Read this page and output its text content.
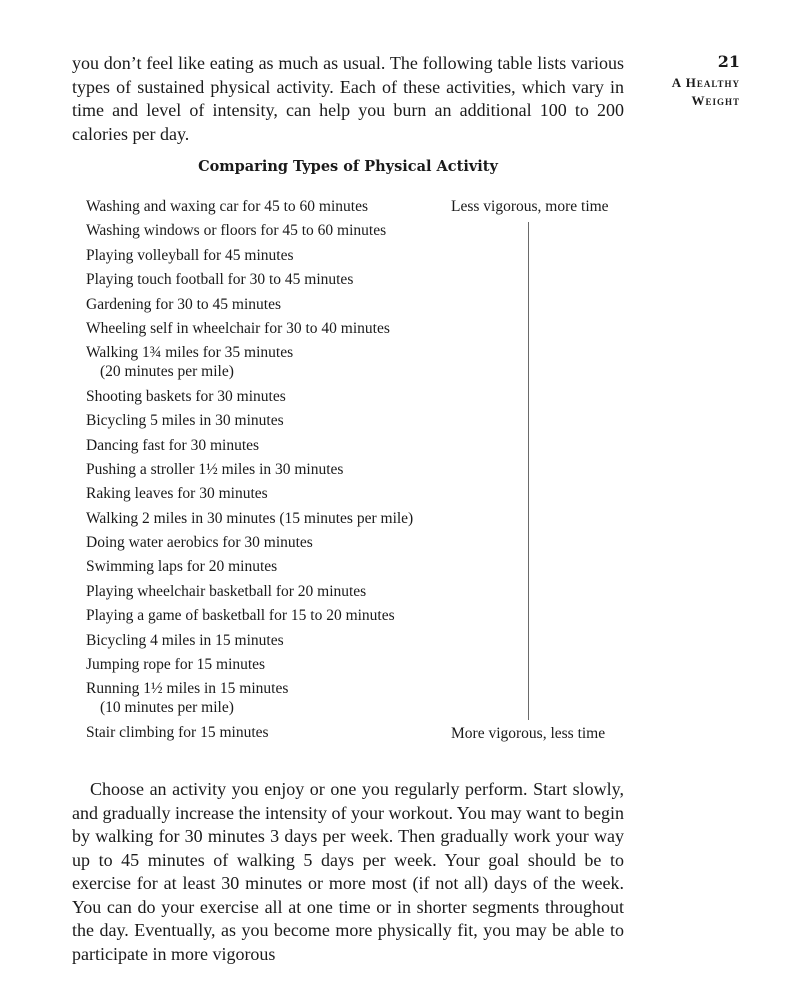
21
A Healthy
Weight

you don’t feel like eating as much as usual. The following table lists various types of sustained physical activity. Each of these activities, which vary in time and level of intensity, can help you burn an additional 100 to 200 calories per day.

Comparing Types of Physical Activity
Washing and waxing car for 45 to 60 minutes
Washing windows or floors for 45 to 60 minutes
Playing volleyball for 45 minutes
Playing touch football for 30 to 45 minutes
Gardening for 30 to 45 minutes
Wheeling self in wheelchair for 30 to 40 minutes
Walking 1¾ miles for 35 minutes
(20 minutes per mile)
Shooting baskets for 30 minutes
Bicycling 5 miles in 30 minutes
Dancing fast for 30 minutes
Pushing a stroller 1½ miles in 30 minutes
Raking leaves for 30 minutes
Walking 2 miles in 30 minutes (15 minutes per mile)
Doing water aerobics for 30 minutes
Swimming laps for 20 minutes
Playing wheelchair basketball for 20 minutes
Playing a game of basketball for 15 to 20 minutes
Bicycling 4 miles in 15 minutes
Jumping rope for 15 minutes
Running 1½ miles in 15 minutes
(10 minutes per mile)
Stair climbing for 15 minutes
Less vigorous, more time
More vigorous, less time

Choose an activity you enjoy or one you regularly perform. Start slowly, and gradually increase the intensity of your workout. You may want to begin by walking for 30 minutes 3 days per week. Then gradually work your way up to 45 minutes of walking 5 days per week. Your goal should be to exercise for at least 30 minutes or more most (if not all) days of the week. You can do your exercise all at one time or in shorter segments throughout the day. Eventually, as you become more physically fit, you may be able to participate in more vigorous
